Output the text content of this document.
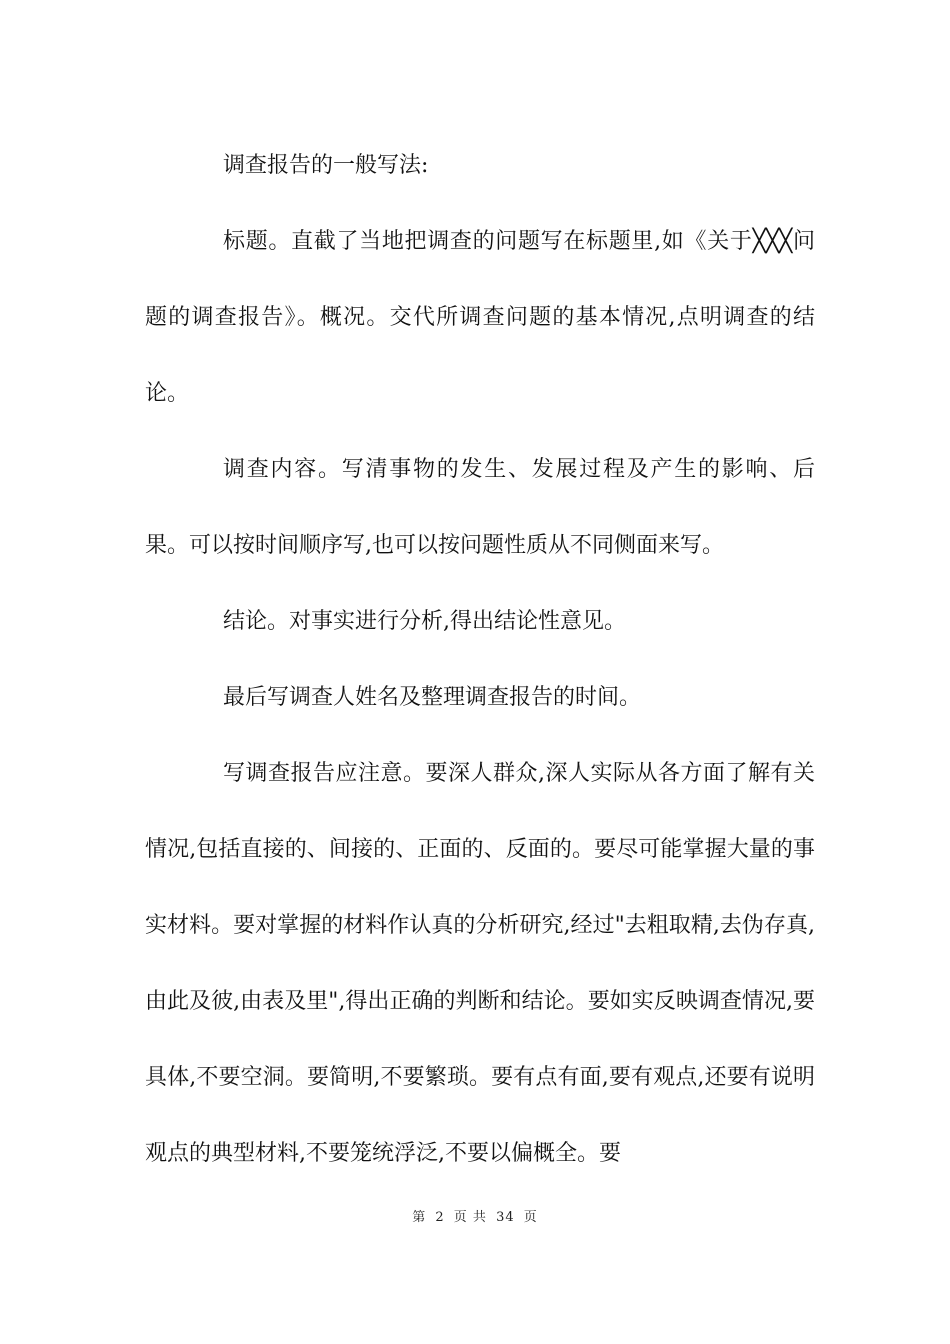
调查报告的一般写法:

标题。直截了当地把调查的问题写在标题里,如《关于╳╳╳问题的调查报告》。概况。交代所调查问题的基本情况,点明调查的结论。

调查内容。写清事物的发生、发展过程及产生的影响、后果。可以按时间顺序写,也可以按问题性质从不同侧面来写。

结论。对事实进行分析,得出结论性意见。

最后写调查人姓名及整理调查报告的时间。

写调查报告应注意。要深人群众,深人实际从各方面了解有关情况,包括直接的、间接的、正面的、反面的。要尽可能掌握大量的事实材料。要对掌握的材料作认真的分析研究,经过"去粗取精,去伪存真,由此及彼,由表及里",得出正确的判断和结论。要如实反映调查情况,要具体,不要空洞。要简明,不要繁琐。要有点有面,要有观点,还要有说明观点的典型材料,不要笼统浮泛,不要以偏概全。要

第 2 页 共 34 页
